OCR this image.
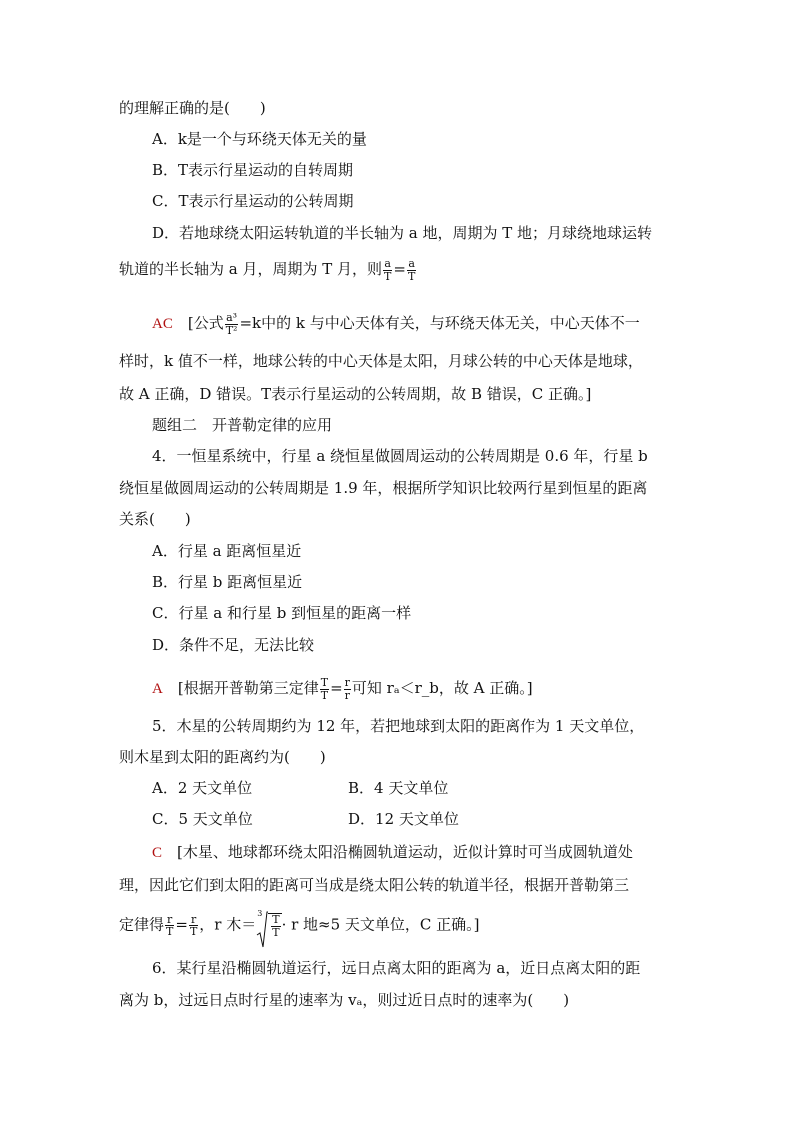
的理解正确的是(　　)
A．k是一个与环绕天体无关的量
B．T表示行星运动的自转周期
C．T表示行星运动的公转周期
D．若地球绕太阳运转轨道的半长轴为 a 地，周期为 T 地；月球绕地球运转
轨道的半长轴为 a 月，周期为 T 月，则 $\frac{a}{T} = \frac{a}{T}$
AC　 [公式 $\frac{\text{a³}}{\text{T²}} =k$中的 k 与中心天体有关，与环绕天体无关，中心天体不一
样时，k 值不一样，地球公转的中心天体是太阳，月球公转的中心天体是地球，
故 A 正确，D 错误。T表示行星运动的公转周期，故 B 错误，C 正确。]
题组二　开普勒定律的应用
4．一恒星系统中，行星 a 绕恒星做圆周运动的公转周期是 0.6 年，行星 b
绕恒星做圆周运动的公转周期是 1.9 年，根据所学知识比较两行星到恒星的距离
关系(　　)
A．行星 a 距离恒星近
B．行星 b 距离恒星近
C．行星 a 和行星 b 到恒星的距离一样
D．条件不足，无法比较
A　 [根据开普勒第三定律 $\frac{T}{T} = \frac{r}{r}$ 可知 rₐ＜r_b，故 A 正确。]
5．木星的公转周期约为 12 年，若把地球到太阳的距离作为 1 天文单位，
则木星到太阳的距离约为(　　)
A．2 天文单位	B．4 天文单位
C．5 天文单位	D．12 天文单位
C　 [木星、地球都环绕太阳沿椭圆轨道运动，近似计算时可当成圆轨道处
理，因此它们到太阳的距离可当成是绕太阳公转的轨道半径，根据开普勒第三
定律得 $\frac{r}{T} = \frac{r}{T}$ ，r 木＝
3
$\frac{T}{T} \cdot r$ 地≈5 天文单位，C 正确。]
6．某行星沿椭圆轨道运行，远日点离太阳的距离为 a，近日点离太阳的距
离为 b，过远日点时行星的速率为 vₐ，则过近日点时的速率为(　　)
